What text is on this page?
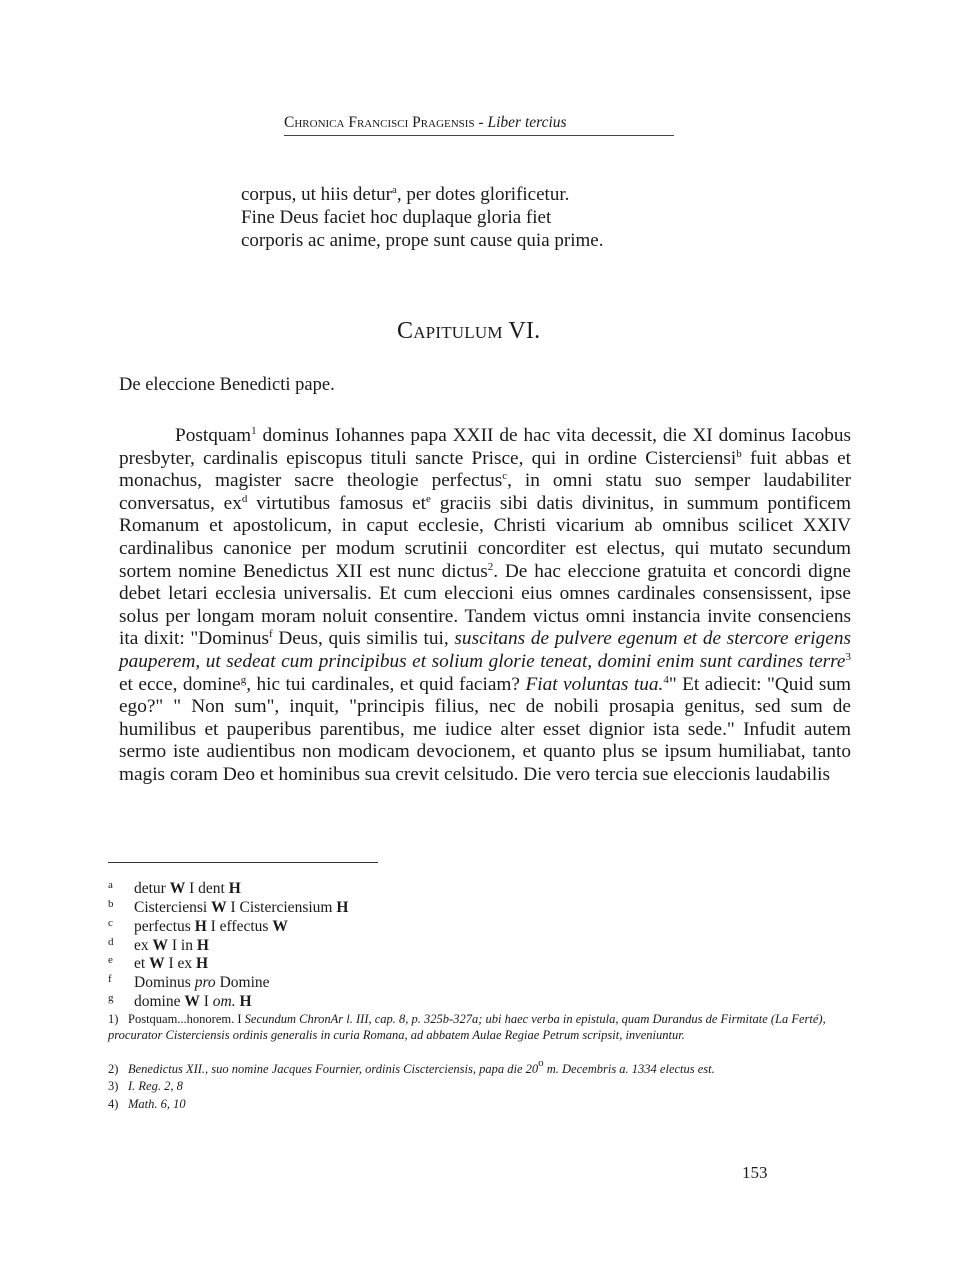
Chronica Francisci Pragensis - Liber tercius
corpus, ut hiis detur$^a$, per dotes glorificetur.
Fine Deus faciet hoc duplaque gloria fiet
corporis ac anime, prope sunt cause quia prime.
Capitulum VI.
De eleccione Benedicti pape.
Postquam$^1$ dominus Iohannes papa XXII de hac vita decessit, die XI dominus Iacobus presbyter, cardinalis episcopus tituli sancte Prisce, qui in ordine Cisterciensi$^b$ fuit abbas et monachus, magister sacre theologie perfectus$^c$, in omni statu suo semper laudabiliter conversatus, $ex^d$ virtutibus famosus $et^e$ graciis sibi datis divinitus, in summum pontificem Romanum et apostolicum, in caput ecclesie, Christi vicarium ab omnibus scilicet XXIV cardinalibus canonice per modum scrutinii concorditer est electus, qui mutato secundum sortem nomine Benedictus XII est nunc dictus$^2$. De hac eleccione gratuita et concordi digne debet letari ecclesia universalis. Et cum eleccioni eius omnes cardinales consensissent, ipse solus per longam moram noluit consentire. Tandem victus omni instancia invite consenciens ita dixit: "Dominus$^f$ Deus, quis similis tui, suscitans de pulvere egenum et de stercore erigens pauperem, ut sedeat cum principibus et solium glorie teneat, domini enim sunt cardines terre$^3$ et ecce, domine$^g$, hic tui cardinales, et quid faciam? Fiat voluntas tua.$^4$" Et adiecit: "Quid sum ego?" " Non sum", inquit, "principis filius, nec de nobili prosapia genitus, sed sum de humilibus et pauperibus parentibus, me iudice alter esset dignior ista sede." Infudit autem sermo iste audientibus non modicam devocionem, et quanto plus se ipsum humiliabat, tanto magis coram Deo et hominibus sua crevit celsitudo. Die vero tercia sue eleccionis laudabilis
a detur W I dent H
b Cisterciensi W I Cisterciensium H
c perfectus H I effectus W
d ex W I in H
e et W I ex H
f Dominus pro Domine
g domine W I om. H
1) Postquam...honorem. I Secundum ChronAr l. III, cap. 8, p. 325b-327a; ubi haec verba in epistula, quam Durandus de Firmitate (La Ferté), procurator Cisterciensis ordinis generalis in curia Romana, ad abbatem Aulae Regiae Petrum scripsit, inveniuntur.
2) Benedictus XII., suo nomine Jacques Fournier, ordinis Ciscterciensis, papa die 20$^o$ m. Decembris a. 1334 electus est.
3) I. Reg. 2, 8
4) Math. 6, 10
153
